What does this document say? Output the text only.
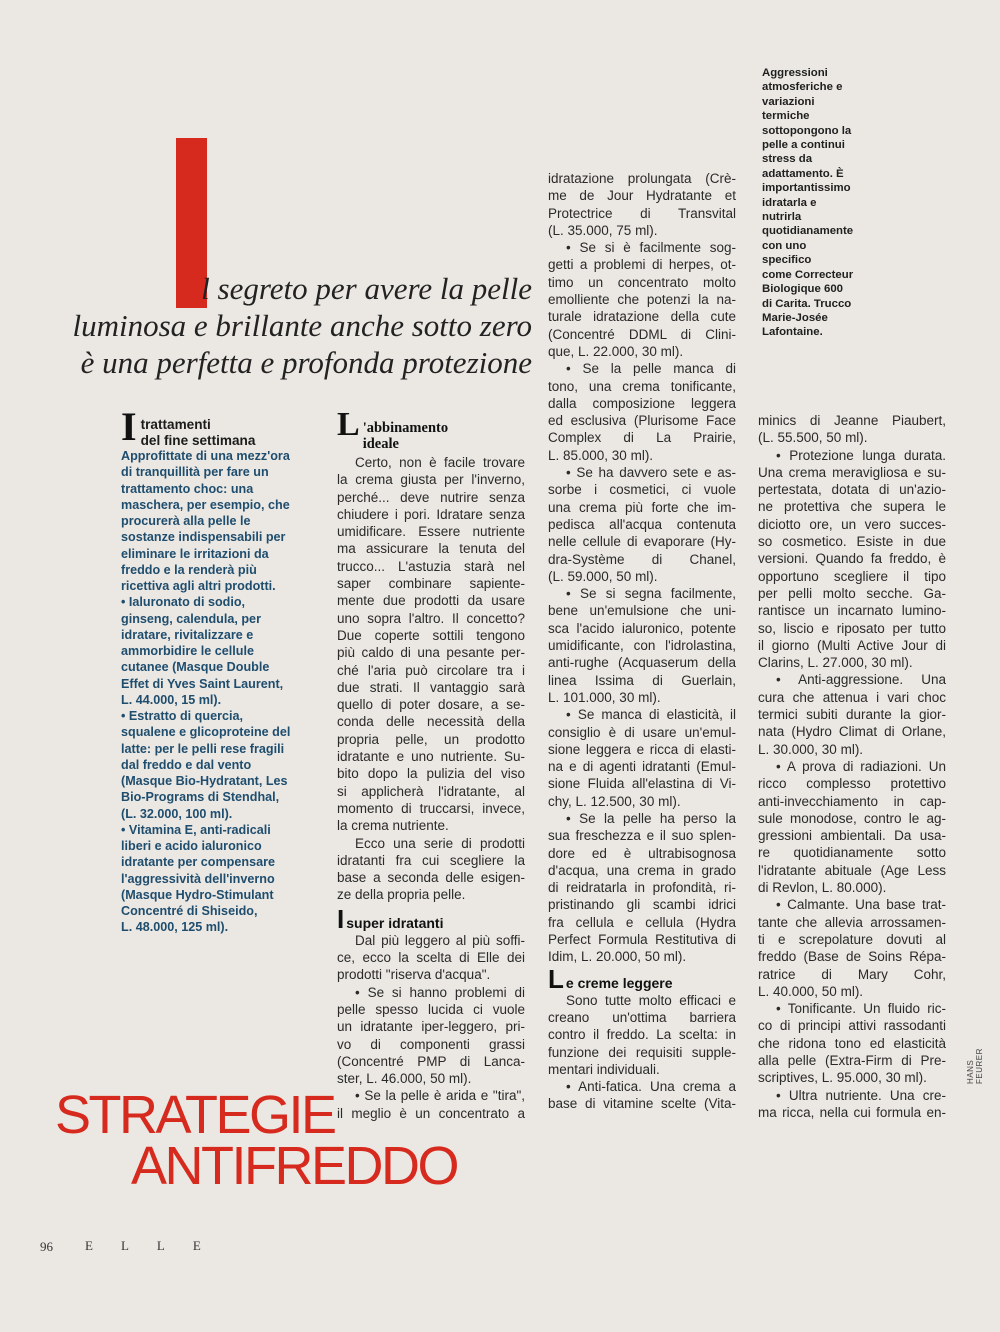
l segreto per avere la pelle
luminosa e brillante anche sotto zero
è una perfetta e profonda protezione
Aggressioni
atmosferiche e
variazioni
termiche
sottopongono la
pelle a continui
stress da
adattamento. È
importantissimo
idratarla e
nutrirla
quotidianamente
con uno specifico
come Correcteur
Biologique 600
di Carita. Trucco
Marie-Josée
Lafontaine.
I trattamenti
del fine settimana
Approfittate di una mezz'ora
di tranquillità per fare un
trattamento choc: una
maschera, per esempio, che
procurerà alla pelle le
sostanze indispensabili per
eliminare le irritazioni da
freddo e la renderà più
ricettiva agli altri prodotti.
• Ialuronato di sodio,
ginseng, calendula, per
idratare, rivitalizzare e
ammorbidire le cellule
cutanee (Masque Double
Effet di Yves Saint Laurent,
L. 44.000, 15 ml).
• Estratto di quercia,
squalene e glicoproteine del
latte: per le pelli rese fragili
dal freddo e dal vento
(Masque Bio-Hydratant, Les
Bio-Programs di Stendhal,
(L. 32.000, 100 ml).
• Vitamina E, anti-radicali
liberi e acido ialuronico
idratante per compensare
l'aggressività dell'inverno
(Masque Hydro-Stimulant
Concentré di Shiseido,
L. 48.000, 125 ml).
L 'abbinamento
ideale
Certo, non è facile trovare
la crema giusta per l'inverno,
perché... deve nutrire senza
chiudere i pori. Idratare senza
umidificare. Essere nutriente
ma assicurare la tenuta del
trucco... L'astuzia starà nel
saper combinare sapiente-
mente due prodotti da usare
uno sopra l'altro. Il concetto?
Due coperte sottili tengono
più caldo di una pesante per-
ché l'aria può circolare tra i
due strati. Il vantaggio sarà
quello di poter dosare, a se-
conda delle necessità della
propria pelle, un prodotto
idratante e uno nutriente. Su-
bito dopo la pulizia del viso
si applicherà l'idratante, al
momento di truccarsi, invece,
la crema nutriente.
Ecco una serie di prodotti
idratanti fra cui scegliere la
base a seconda delle esigen-
ze della propria pelle.
Isuper idratanti
Dal più leggero al più soffi-
ce, ecco la scelta di Elle dei
prodotti "riserva d'acqua".
• Se si hanno problemi di
pelle spesso lucida ci vuole
un idratante iper-leggero, pri-
vo di componenti grassi
(Concentré PMP di Lanca-
ster, L. 46.000, 50 ml).
• Se la pelle è arida e "tira",
il meglio è un concentrato a
idratazione prolungata (Crè-
me de Jour Hydratante et
Protectrice di Transvital
(L. 35.000, 75 ml).
• Se si è facilmente sog-
getti a problemi di herpes, ot-
timo un concentrato molto
emolliente che potenzi la na-
turale idratazione della cute
(Concentré DDML di Clini-
que, L. 22.000, 30 ml).
• Se la pelle manca di
tono, una crema tonificante,
dalla composizione leggera
ed esclusiva (Plurisome Face
Complex di La Prairie,
L. 85.000, 30 ml).
• Se ha davvero sete e as-
sorbe i cosmetici, ci vuole
una crema più forte che im-
pedisca all'acqua contenuta
nelle cellule di evaporare (Hy-
dra-Système di Chanel,
(L. 59.000, 50 ml).
• Se si segna facilmente,
bene un'emulsione che uni-
sca l'acido ialuronico, potente
umidificante, con l'idrolastina,
anti-rughe (Acquaserum della
linea Issima di Guerlain,
L. 101.000, 30 ml).
• Se manca di elasticità, il
consiglio è di usare un'emul-
sione leggera e ricca di elasti-
na e di agenti idratanti (Emul-
sione Fluida all'elastina di Vi-
chy, L. 12.500, 30 ml).
• Se la pelle ha perso la
sua freschezza e il suo splen-
dore ed è ultrabisognosa
d'acqua, una crema in grado
di reidratarla in profondità, ri-
pristinando gli scambi idrici
fra cellula e cellula (Hydra
Perfect Formula Restitutiva di
Idim, L. 20.000, 50 ml).
Le creme leggere
Sono tutte molto efficaci e
creano un'ottima barriera
contro il freddo. La scelta: in
funzione dei requisiti supple-
mentari individuali.
• Anti-fatica. Una crema a
base di vitamine scelte (Vita-
minics di Jeanne Piaubert,
(L. 55.500, 50 ml).
• Protezione lunga durata.
Una crema meravigliosa e su-
pertestata, dotata di un'azio-
ne protettiva che supera le
diciotto ore, un vero succes-
so cosmetico. Esiste in due
versioni. Quando fa freddo, è
opportuno scegliere il tipo
per pelli molto secche. Ga-
rantisce un incarnato lumino-
so, liscio e riposato per tutto
il giorno (Multi Active Jour di
Clarins, L. 27.000, 30 ml).
• Anti-aggressione. Una
cura che attenua i vari choc
termici subiti durante la gior-
nata (Hydro Climat di Orlane,
L. 30.000, 30 ml).
• A prova di radiazioni. Un
ricco complesso protettivo
anti-invecchiamento in cap-
sule monodose, contro le ag-
gressioni ambientali. Da usa-
re quotidianamente sotto
l'idratante abituale (Age Less
di Revlon, L. 80.000).
• Calmante. Una base trat-
tante che allevia arrossamen-
ti e screpolature dovuti al
freddo (Base de Soins Répa-
ratrice di Mary Cohr,
L. 40.000, 50 ml).
• Tonificante. Un fluido ric-
co di principi attivi rassodanti
che ridona tono ed elasticità
alla pelle (Extra-Firm di Pre-
scriptives, L. 95.000, 30 ml).
• Ultra nutriente. Una cre-
ma ricca, nella cui formula en-
STRATEGIE
ANTIFREDDO
96 ELLE
HANS FEURER
